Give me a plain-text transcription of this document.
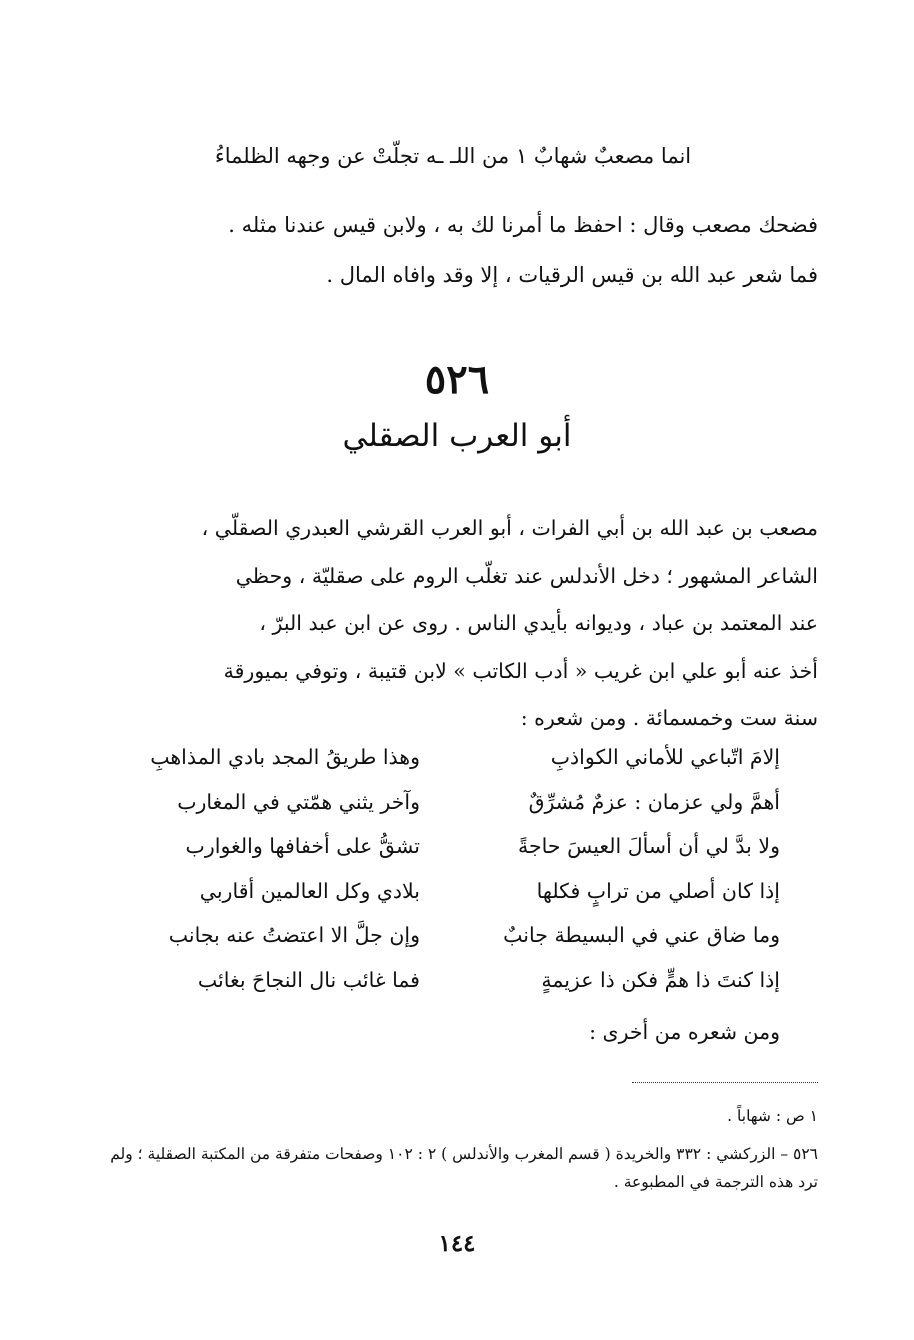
انما مصعبٌ شهابٌ ١ من اللـ ـه تجلّتْ عن وجهه الظلماءُ
فضحك مصعب وقال : احفظ ما أمرنا لك به ، ولابن قيس عندنا مثله .
فما شعر عبد الله بن قيس الرقيات ، إلا وقد وافاه المال .
٥٢٦
أبو العرب الصقلي
مصعب بن عبد الله بن أبي الفرات ، أبو العرب القرشي العبدري الصقلّي ،
الشاعر المشهور ؛ دخل الأندلس عند تغلّب الروم على صقليّة ، وحظي
عند المعتمد بن عباد ، وديوانه بأيدي الناس . روى عن ابن عبد البرّ ،
أخذ عنه أبو علي ابن غريب « أدب الكاتب » لابن قتيبة ، وتوفي بميورقة
سنة ست وخمسمائة . ومن شعره :
إلامَ اتّباعي للأماني الكواذبِ
وهذا طريقُ المجد بادي المذاهبِ
أهمَّ ولي عزمان : عزمٌ مُشرِّقٌ
وآخر يثني همّتي في المغارب
ولا بدَّ لي أن أسألَ العيسَ حاجةً
تشقُّ على أخفافها والغوارب
إذا كان أصلي من ترابٍ فكلها
بلادي وكل العالمين أقاربي
وما ضاق عني في البسيطة جانبٌ
وإن جلَّ الا اعتضتُ عنه بجانب
إذا كنتَ ذا همٍّ فكن ذا عزيمةٍ
فما غائب نال النجاحَ بغائب
ومن شعره من أخرى :
١ ص : شهاباً .
٥٢٦ – الزركشي : ٣٣٢ والخريدة ( قسم المغرب والأندلس ) ٢ : ١٠٢ وصفحات متفرقة من المكتبة الصقلية ؛ ولم ترد هذه الترجمة في المطبوعة .
١٤٤
